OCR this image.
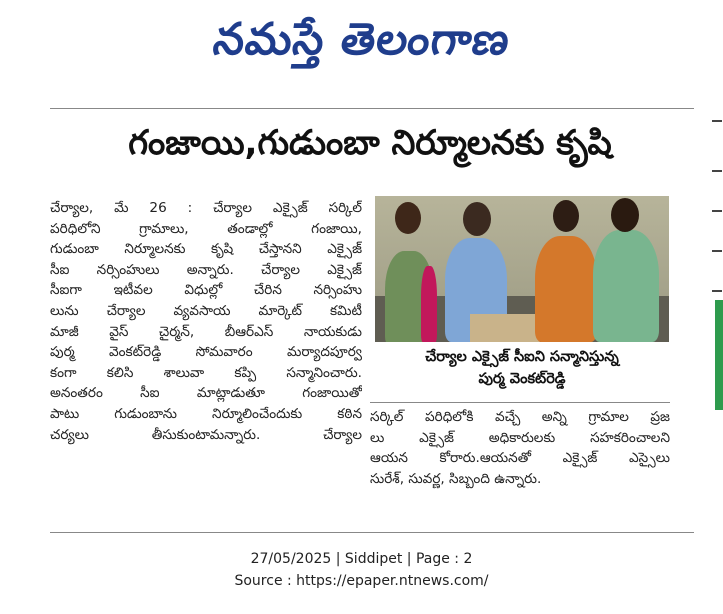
నమస్తే తెలంగాణ
గంజాయి,గుడుంబా నిర్మూలనకు కృషి
చేర్యాల, మే 26 : చేర్యాల ఎక్సైజ్ సర్కిల్
పరిధిలోని గ్రామాలు, తండాల్లో గంజాయి,
గుడుంబా నిర్మూలనకు కృషి చేస్తానని ఎక్సైజ్
సీఐ నర్సింహులు అన్నారు. చేర్యాల ఎక్సైజ్
సీఐగా ఇటీవల విధుల్లో చేరిన నర్సింహు
లును చేర్యాల వ్యవసాయ మార్కెట్ కమిటీ
మాజీ వైస్ చైర్మన్, బీఆర్ఎస్ నాయకుడు
పుర్మ వెంకట్‌రెడ్డి సోమవారం మర్యాదపూర్వ
కంగా కలిసి శాలువా కప్పి సన్మానించారు.
అనంతరం సీఐ మాట్లాడుతూ గంజాయితో
పాటు గుడుంబాను నిర్మూలించేందుకు కఠిన
చర్యలు తీసుకుంటామన్నారు. చేర్యాల
చేర్యాల ఎక్సైజ్ సీఐని సన్మానిస్తున్న
పుర్మ వెంకట్‌రెడ్డి
సర్కిల్ పరిధిలోకి వచ్చే అన్ని గ్రామాల ప్రజ
లు ఎక్సైజ్ అధికారులకు సహకరించాలని
ఆయన కోరారు.ఆయనతో ఎక్సైజ్ ఎస్సైలు
సురేశ్, సువర్ణ, సిబ్బంది ఉన్నారు.
27/05/2025 | Siddipet | Page : 2
Source : https://epaper.ntnews.com/
